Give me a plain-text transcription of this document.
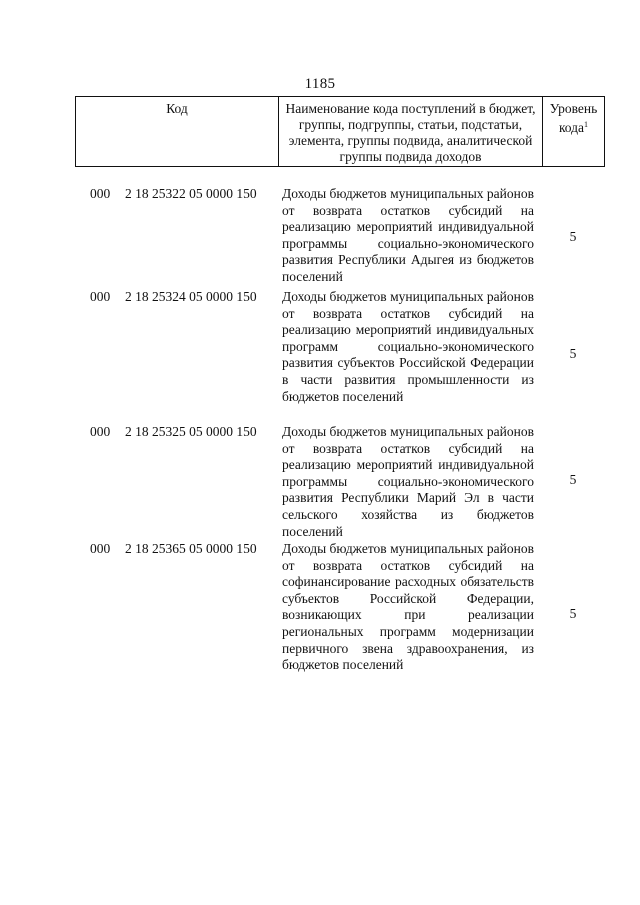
1185
Код	Наименование кода поступлений в бюджет, группы, подгруппы, статьи, подстатьи, элемента, группы подвида, аналитической группы подвида доходов
Уровень кода$^1$
000 2 18 25322 05 0000 150 Доходы бюджетов муниципальных районов от возврата остатков субсидий на реализацию мероприятий индивидуальной программы социально-экономического развития Республики Адыгея из бюджетов поселений
5
000 2 18 25324 05 0000 150 Доходы бюджетов муниципальных районов от возврата остатков субсидий на реализацию мероприятий индивидуальных программ социально-экономического развития субъектов Российской Федерации в части развития промышленности из бюджетов поселений
5
000 2 18 25325 05 0000 150 Доходы бюджетов муниципальных районов от возврата остатков субсидий на реализацию мероприятий индивидуальной программы социально-экономического развития Республики Марий Эл в части сельского хозяйства из бюджетов поселений
5
000 2 18 25365 05 0000 150 Доходы бюджетов муниципальных районов от возврата остатков субсидий на софинансирование расходных обязательств субъектов Российской Федерации, возникающих при реализации региональных программ модернизации первичного звена здравоохранения, из бюджетов поселений
5
